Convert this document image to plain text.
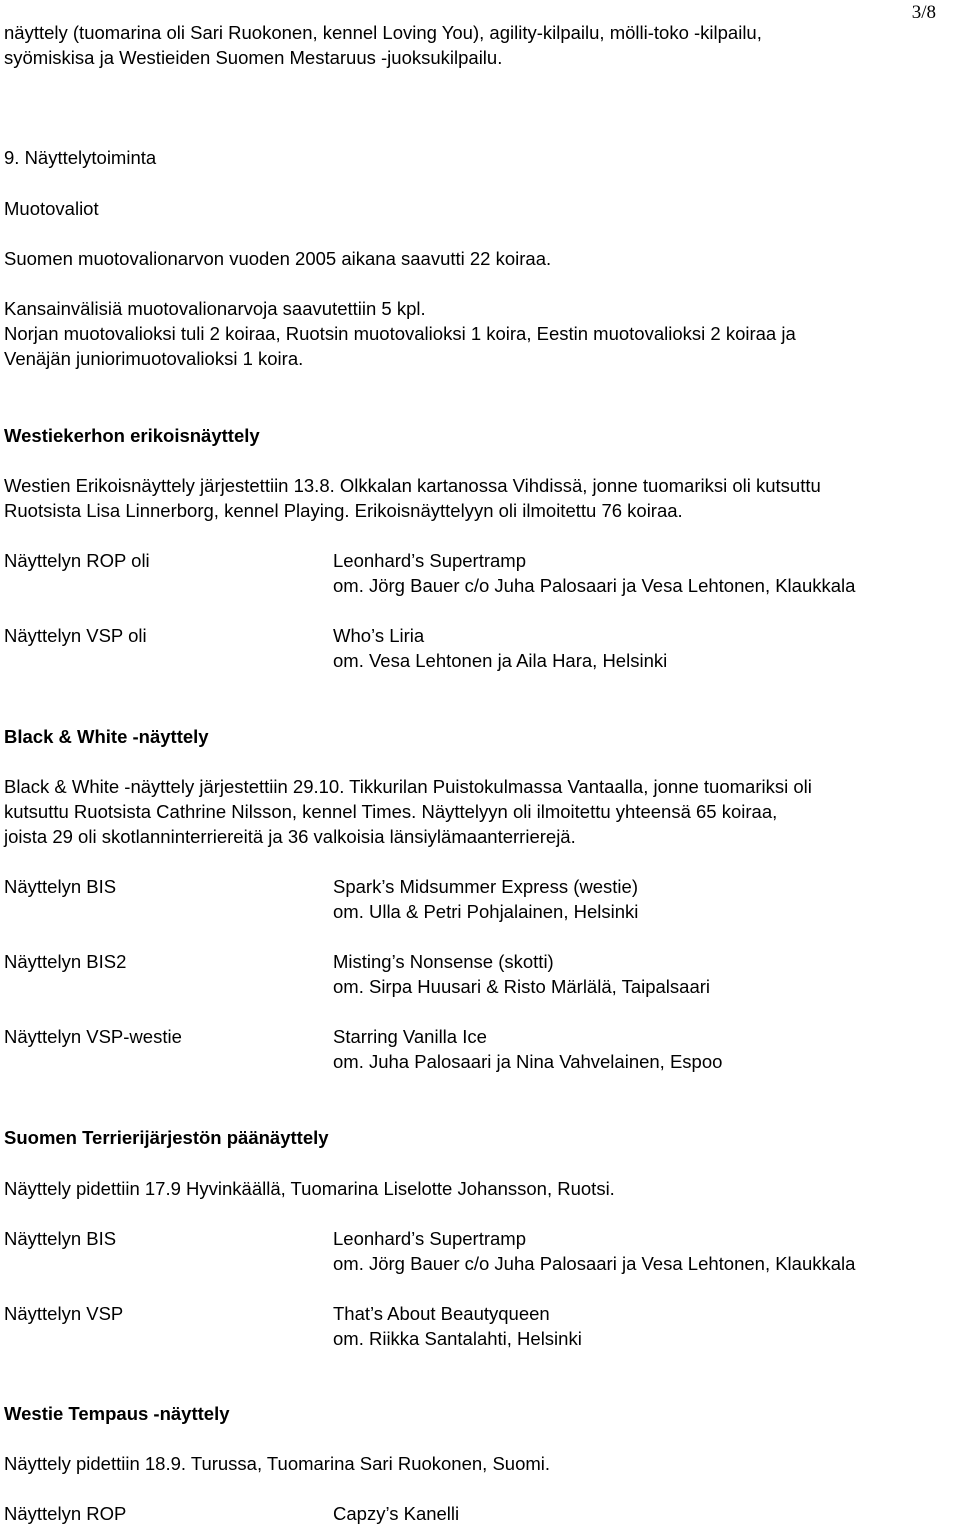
3/8
näyttely (tuomarina oli Sari Ruokonen, kennel Loving You), agility-kilpailu, mölli-toko -kilpailu,
syömiskisa ja Westieiden Suomen Mestaruus -juoksukilpailu.
9. Näyttelytoiminta
Muotovaliot
Suomen muotovalionarvon vuoden 2005 aikana saavutti 22 koiraa.
Kansainvälisiä muotovalionarvoja saavutettiin 5 kpl.
Norjan muotovalioksi tuli 2 koiraa, Ruotsin muotovalioksi 1 koira, Eestin muotovalioksi 2 koiraa ja
Venäjän juniorimuotovalioksi 1 koira.
Westiekerhon erikoisnäyttely
Westien Erikoisnäyttely järjestettiin 13.8. Olkkalan kartanossa Vihdissä, jonne tuomariksi oli kutsuttu
Ruotsista Lisa Linnerborg, kennel Playing. Erikoisnäyttelyyn oli ilmoitettu 76 koiraa.
Näyttelyn ROP oli	Leonhard’s Supertramp
om. Jörg Bauer c/o Juha Palosaari ja Vesa Lehtonen, Klaukkala
Näyttelyn VSP oli	Who’s Liria
om. Vesa Lehtonen ja Aila Hara, Helsinki
Black & White -näyttely
Black & White -näyttely järjestettiin 29.10. Tikkurilan Puistokulmassa Vantaalla, jonne tuomariksi oli
kutsuttu Ruotsista Cathrine Nilsson, kennel Times. Näyttelyyn oli ilmoitettu yhteensä 65 koiraa,
joista 29 oli skotlanninterriereitä ja 36 valkoisia länsiylämaanterrierejä.
Näyttelyn BIS	Spark’s Midsummer Express (westie)
om. Ulla & Petri Pohjalainen, Helsinki
Näyttelyn BIS2	Misting’s Nonsense (skotti)
om. Sirpa Huusari & Risto Märlälä, Taipalsaari
Näyttelyn VSP-westie	Starring Vanilla Ice
om. Juha Palosaari ja Nina Vahvelainen, Espoo
Suomen Terrierijärjestön päänäyttely
Näyttely pidettiin 17.9 Hyvinkäällä, Tuomarina Liselotte Johansson, Ruotsi.
Näyttelyn BIS	Leonhard’s Supertramp
om. Jörg Bauer c/o Juha Palosaari ja Vesa Lehtonen, Klaukkala
Näyttelyn VSP	That’s About Beautyqueen
om. Riikka Santalahti, Helsinki
Westie Tempaus -näyttely
Näyttely pidettiin 18.9. Turussa, Tuomarina Sari Ruokonen, Suomi.
Näyttelyn ROP	Capzy’s Kanelli
